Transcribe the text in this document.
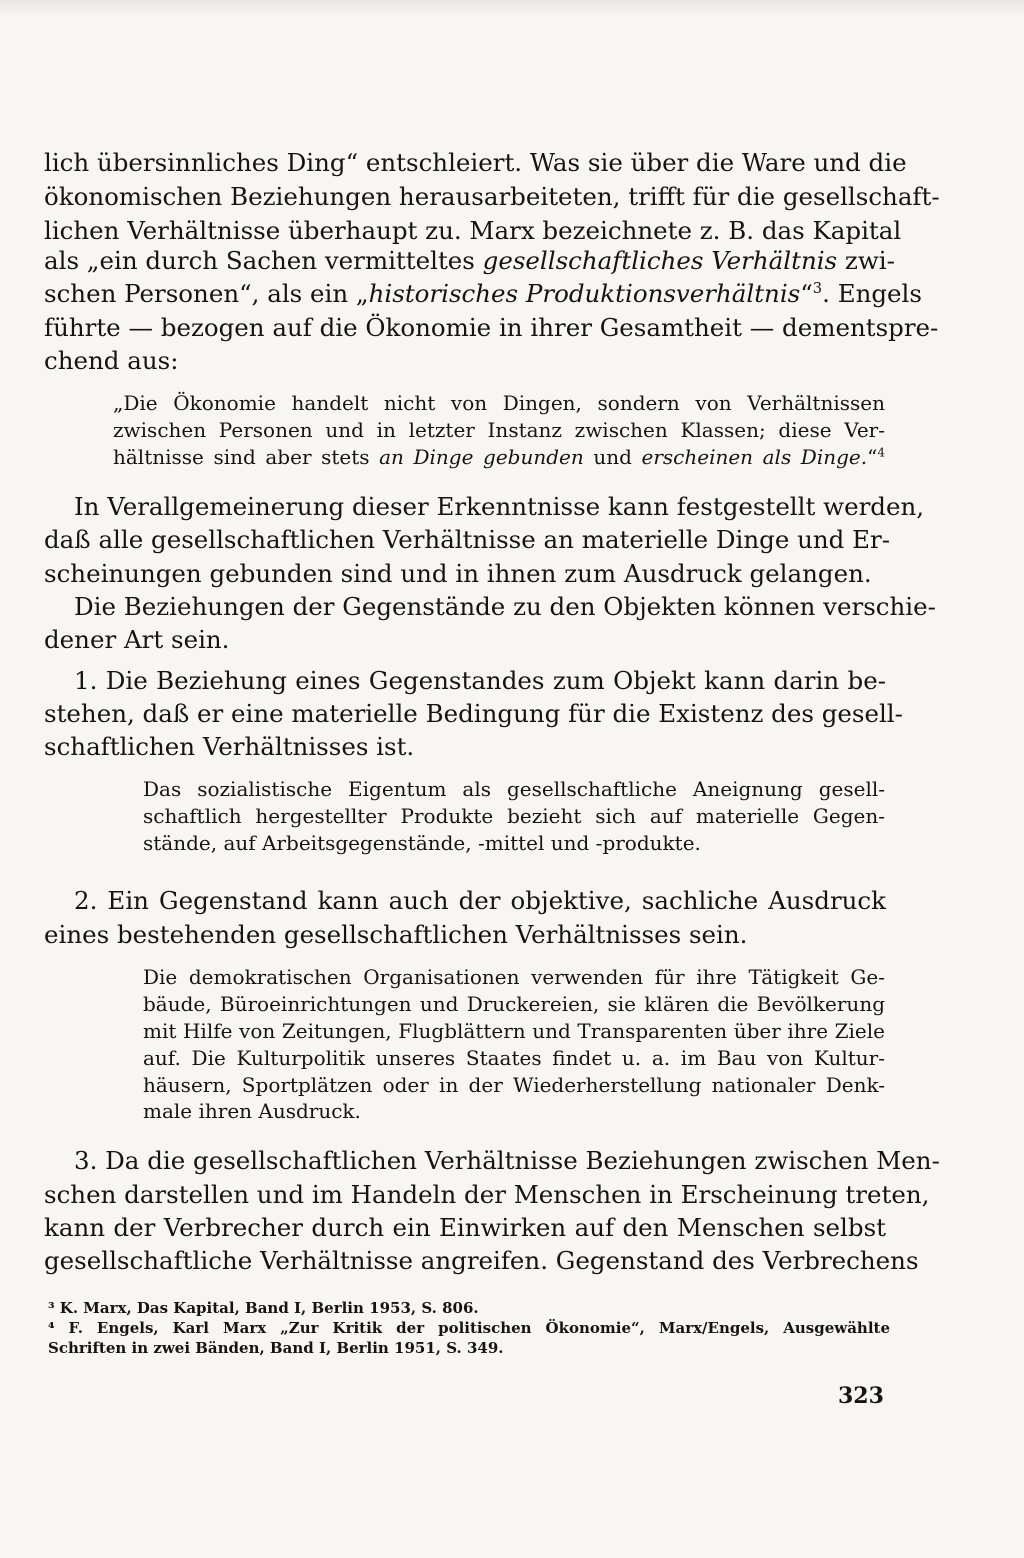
lich übersinnliches Ding“ entschleiert. Was sie über die Ware und die
ökonomischen Beziehungen herausarbeiteten, trifft für die gesellschaft-
lichen Verhältnisse überhaupt zu. Marx bezeichnete z. B. das Kapital
als „ein durch Sachen vermitteltes gesellschaftliches Verhältnis zwi-
schen Personen“, als ein „historisches Produktionsverhältnis“$^3$. Engels
führte — bezogen auf die Ökonomie in ihrer Gesamtheit — dementspre-
chend aus:
„Die Ökonomie handelt nicht von Dingen, sondern von Verhältnissen
zwischen Personen und in letzter Instanz zwischen Klassen; diese Ver-
hältnisse sind aber stets an Dinge gebunden und erscheinen als Dinge.“$^4$
In Verallgemeinerung dieser Erkenntnisse kann festgestellt werden,
daß alle gesellschaftlichen Verhältnisse an materielle Dinge und Er-
scheinungen gebunden sind und in ihnen zum Ausdruck gelangen.
Die Beziehungen der Gegenstände zu den Objekten können verschie-
dener Art sein.
1. Die Beziehung eines Gegenstandes zum Objekt kann darin be-
stehen, daß er eine materielle Bedingung für die Existenz des gesell-
schaftlichen Verhältnisses ist.
Das sozialistische Eigentum als gesellschaftliche Aneignung gesell-
schaftlich hergestellter Produkte bezieht sich auf materielle Gegen-
stände, auf Arbeitsgegenstände, -mittel und -produkte.
2. Ein Gegenstand kann auch der objektive, sachliche Ausdruck
eines bestehenden gesellschaftlichen Verhältnisses sein.
Die demokratischen Organisationen verwenden für ihre Tätigkeit Ge-
bäude, Büroeinrichtungen und Druckereien, sie klären die Bevölkerung
mit Hilfe von Zeitungen, Flugblättern und Transparenten über ihre Ziele
auf. Die Kulturpolitik unseres Staates findet u. a. im Bau von Kultur-
häusern, Sportplätzen oder in der Wiederherstellung nationaler Denk-
male ihren Ausdruck.
3. Da die gesellschaftlichen Verhältnisse Beziehungen zwischen Men-
schen darstellen und im Handeln der Menschen in Erscheinung treten,
kann der Verbrecher durch ein Einwirken auf den Menschen selbst
gesellschaftliche Verhältnisse angreifen. Gegenstand des Verbrechens
³ K. Marx, Das Kapital, Band I, Berlin 1953, S. 806.
⁴ F. Engels, Karl Marx „Zur Kritik der politischen Ökonomie“, Marx/Engels, Ausgewählte
Schriften in zwei Bänden, Band I, Berlin 1951, S. 349.
323
